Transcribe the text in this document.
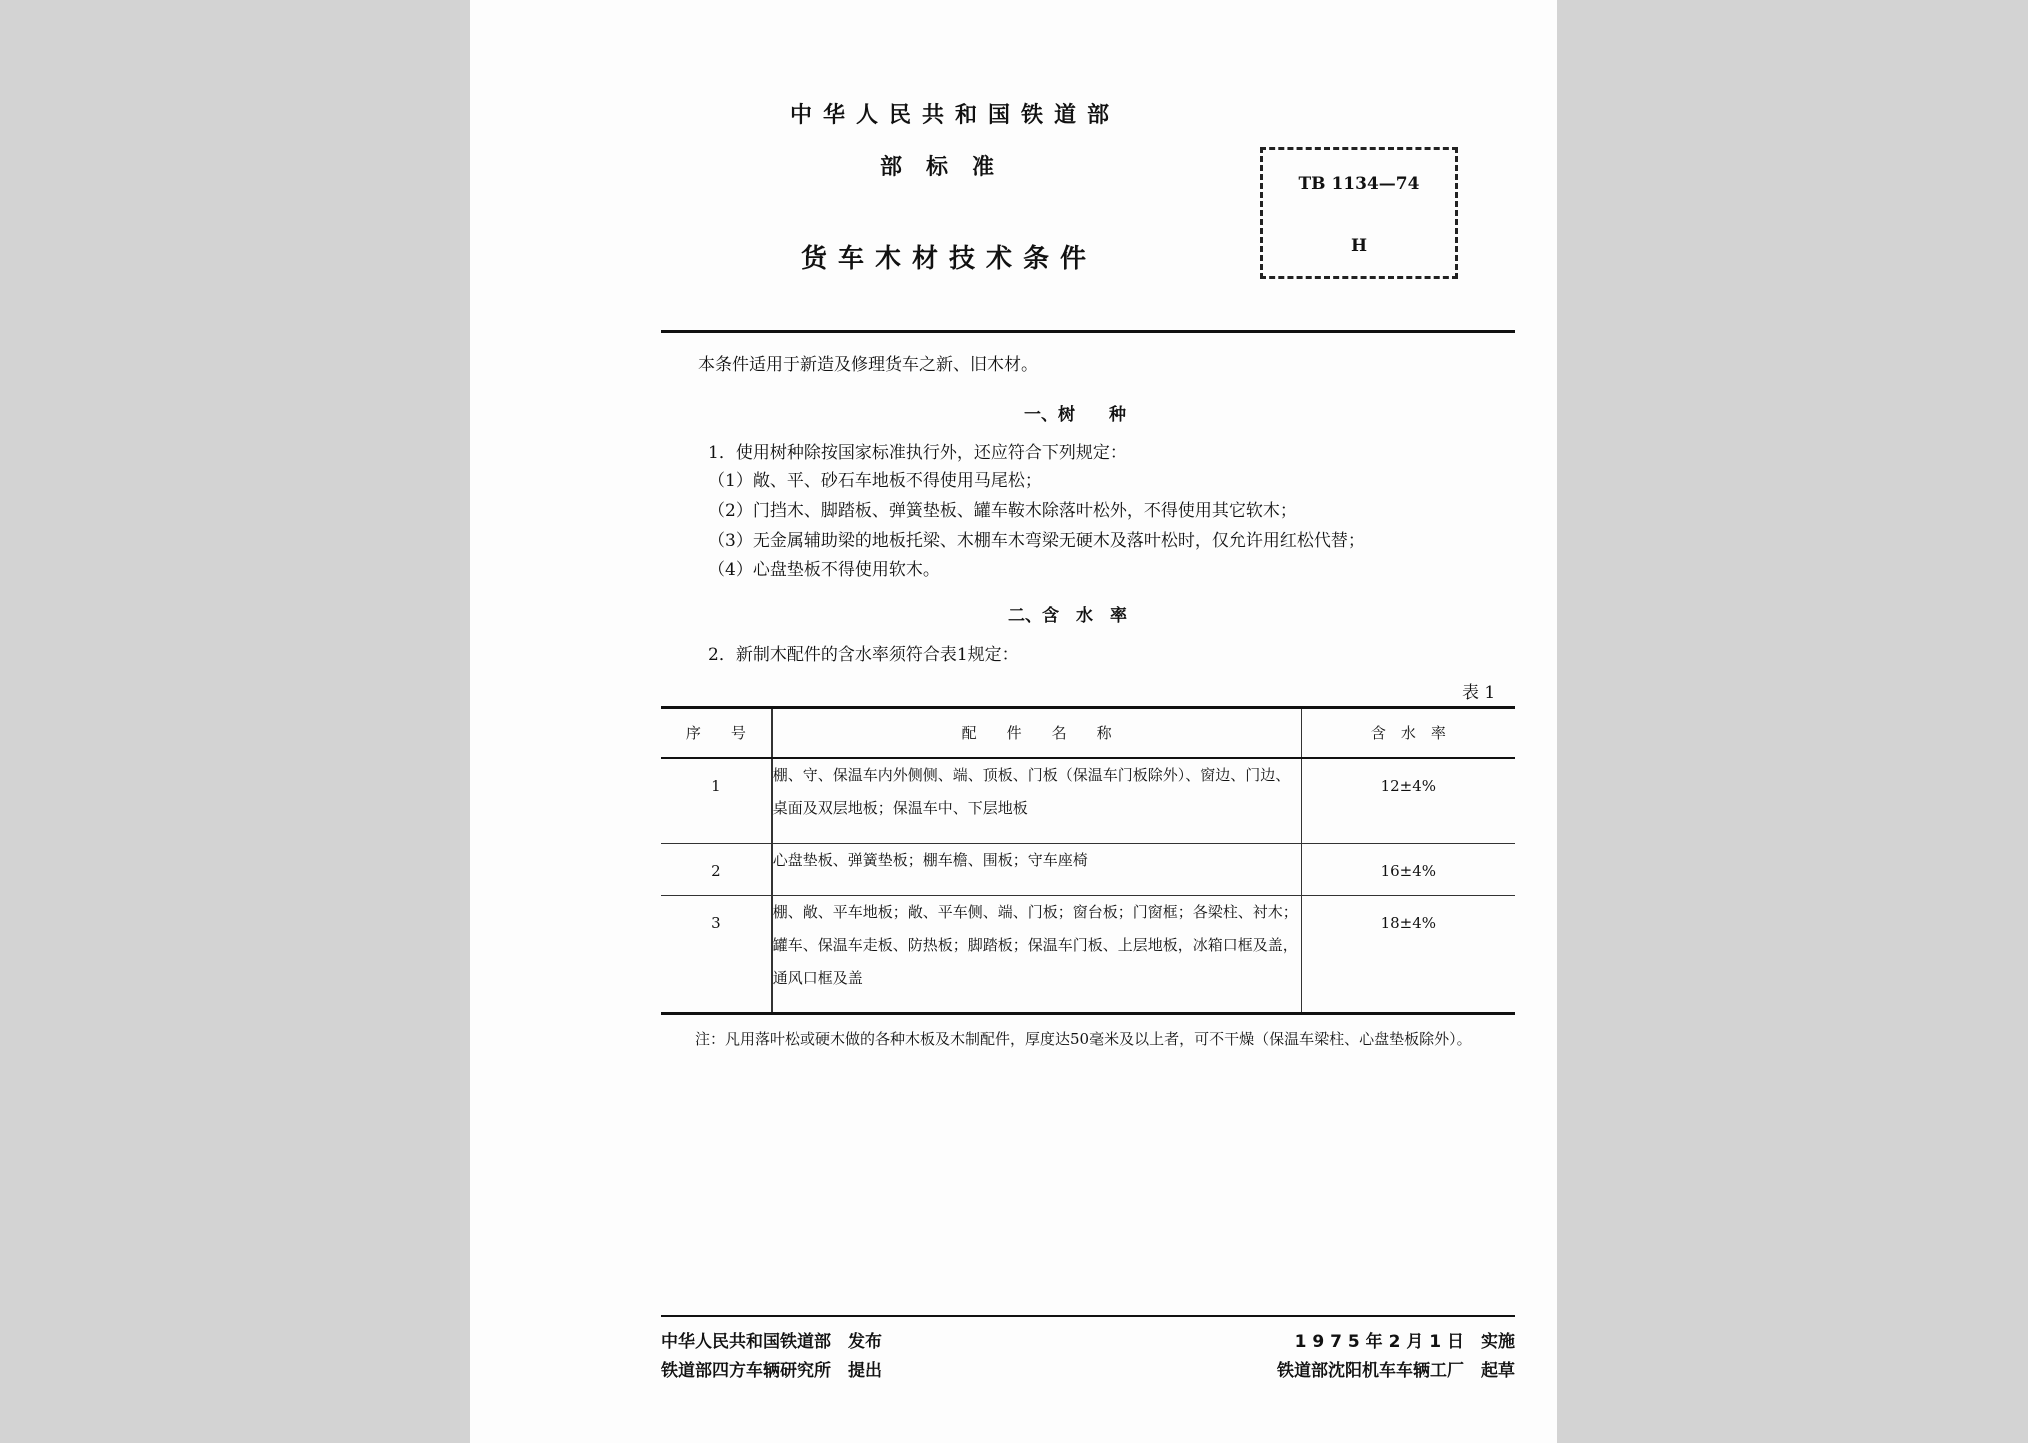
中华人民共和国铁道部
部标准
货车木材技术条件
TB 1134—74
H
本条件适用于新造及修理货车之新、旧木材。
一、树　　种
1．使用树种除按国家标准执行外，还应符合下列规定：
（1）敞、平、砂石车地板不得使用马尾松；
（2）门挡木、脚踏板、弹簧垫板、罐车鞍木除落叶松外，不得使用其它软木；
（3）无金属辅助梁的地板托梁、木棚车木弯梁无硬木及落叶松时，仅允许用红松代替；
（4）心盘垫板不得使用软木。
二、含　水　率
2．新制木配件的含水率须符合表1规定：
表 1
序　　号	配　　件　　名　　称	含　水　率
1	棚、守、保温车内外侧侧、端、顶板、门板（保温车门板除外）、窗边、门边、桌面及双层地板；保温车中、下层地板	12±4%
2	心盘垫板、弹簧垫板；棚车檐、围板；守车座椅	16±4%
3	棚、敞、平车地板；敞、平车侧、端、门板；窗台板；门窗框；各梁柱、衬木；罐车、保温车走板、防热板；脚踏板；保温车门板、上层地板，冰箱口框及盖，通风口框及盖	18±4%
注：凡用落叶松或硬木做的各种木板及木制配件，厚度达50毫米及以上者，可不干燥（保温车梁柱、心盘垫板除外）。
中华人民共和国铁道部　发布	1 9 7 5 年 2 月 1 日　实施
铁道部四方车辆研究所　提出	铁道部沈阳机车车辆工厂　起草
